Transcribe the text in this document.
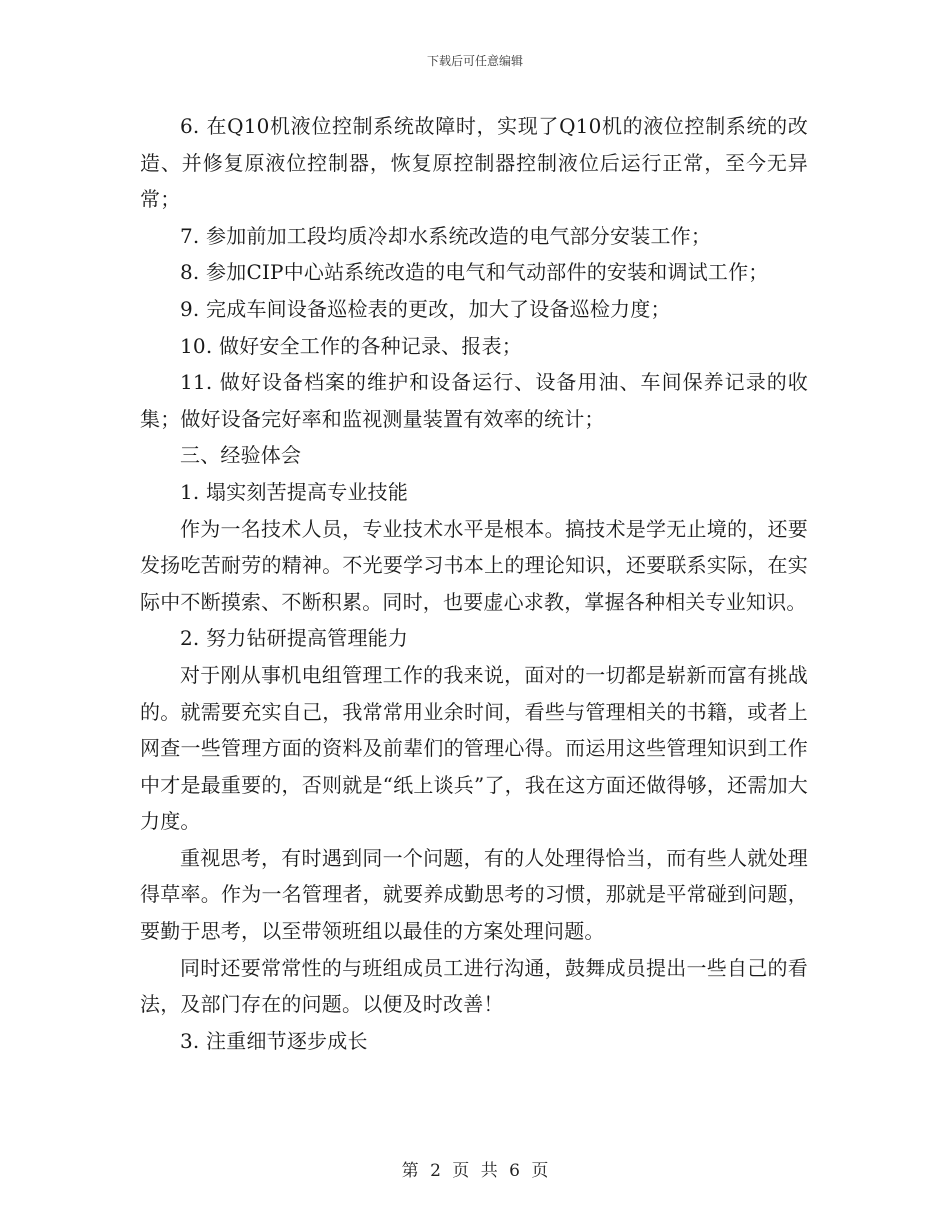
下载后可任意编辑

6. 在Q10机液位控制系统故障时，实现了Q10机的液位控制系统的改造、并修复原液位控制器，恢复原控制器控制液位后运行正常，至今无异常；

7. 参加前加工段均质冷却水系统改造的电气部分安装工作；

8. 参加CIP中心站系统改造的电气和气动部件的安装和调试工作；

9. 完成车间设备巡检表的更改，加大了设备巡检力度；

10. 做好安全工作的各种记录、报表；

11. 做好设备档案的维护和设备运行、设备用油、车间保养记录的收集；做好设备完好率和监视测量装置有效率的统计；

三、经验体会

1. 塌实刻苦提高专业技能

作为一名技术人员，专业技术水平是根本。搞技术是学无止境的，还要发扬吃苦耐劳的精神。不光要学习书本上的理论知识，还要联系实际，在实际中不断摸索、不断积累。同时，也要虚心求教，掌握各种相关专业知识。

2. 努力钻研提高管理能力

对于刚从事机电组管理工作的我来说，面对的一切都是崭新而富有挑战的。就需要充实自己，我常常用业余时间，看些与管理相关的书籍，或者上网查一些管理方面的资料及前辈们的管理心得。而运用这些管理知识到工作中才是最重要的，否则就是“纸上谈兵”了，我在这方面还做得够，还需加大力度。

重视思考，有时遇到同一个问题，有的人处理得恰当，而有些人就处理得草率。作为一名管理者，就要养成勤思考的习惯，那就是平常碰到问题，要勤于思考，以至带领班组以最佳的方案处理问题。

同时还要常常性的与班组成员工进行沟通，鼓舞成员提出一些自己的看法，及部门存在的问题。以便及时改善！

3. 注重细节逐步成长

第 2 页 共 6 页
